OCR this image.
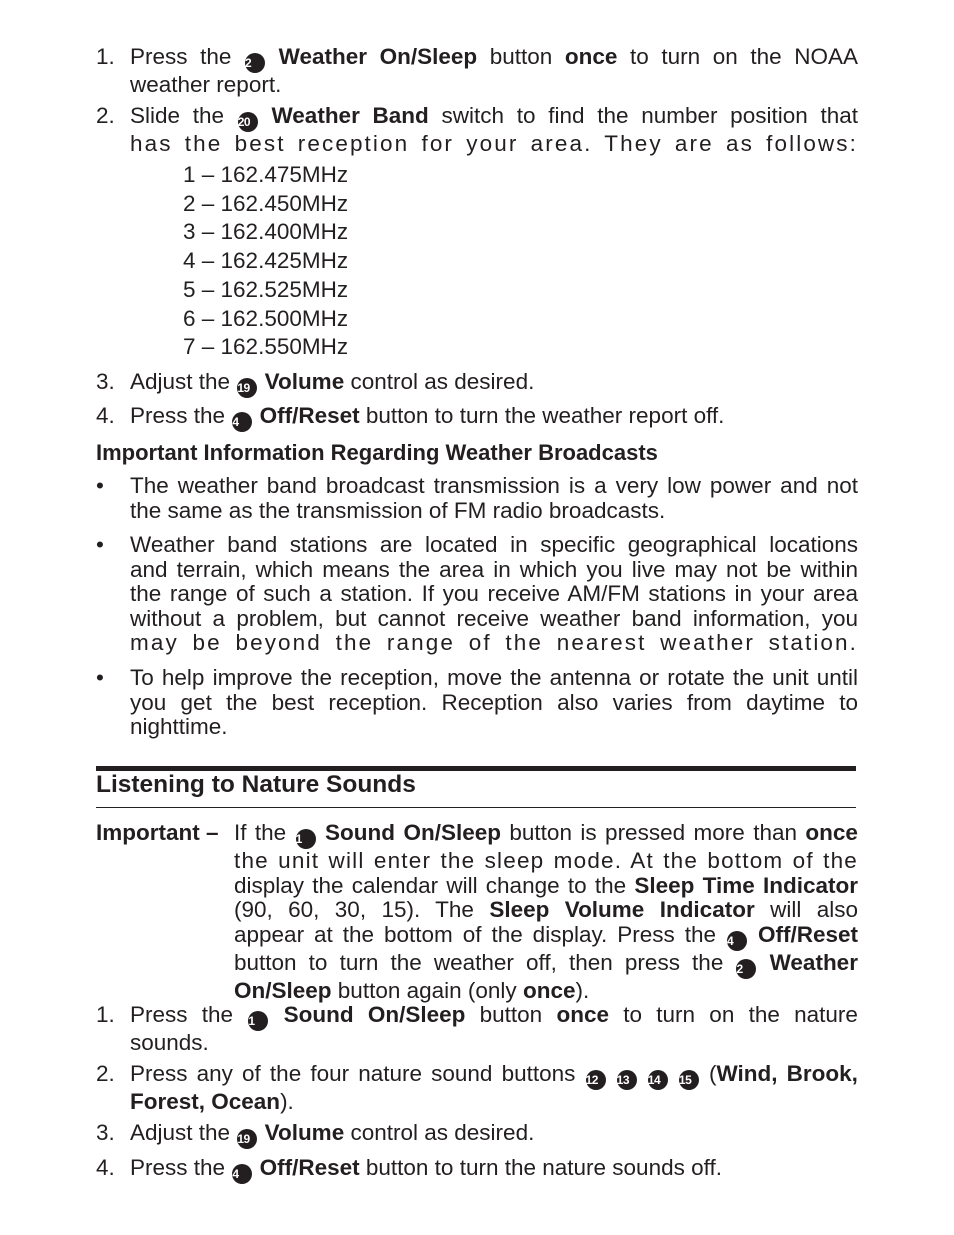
1. Press the 2 Weather On/Sleep button once to turn on the NOAA
weather report.
2. Slide the 20 Weather Band switch to find the number position that
has the best reception for your area. They are as follows:
1 – 162.475MHz
2 – 162.450MHz
3 – 162.400MHz
4 – 162.425MHz
5 – 162.525MHz
6 – 162.500MHz
7 – 162.550MHz
3. Adjust the 19 Volume control as desired.
4. Press the 4 Off/Reset button to turn the weather report off.
Important Information Regarding Weather Broadcasts
• The weather band broadcast transmission is a very low power and not
the same as the transmission of FM radio broadcasts.
• Weather band stations are located in specific geographical locations
and terrain, which means the area in which you live may not be within
the range of such a station. If you receive AM/FM stations in your area
without a problem, but cannot receive weather band information, you
may be beyond the range of the nearest weather station.
• To help improve the reception, move the antenna or rotate the unit until
you get the best reception. Reception also varies from daytime to
nighttime.
Listening to Nature Sounds
Important – If the 1 Sound On/Sleep button is pressed more than once
the unit will enter the sleep mode. At the bottom of the
display the calendar will change to the Sleep Time Indicator
(90, 60, 30, 15). The Sleep Volume Indicator will also
appear at the bottom of the display. Press the 4 Off/Reset
button to turn the weather off, then press the 2 Weather
On/Sleep button again (only once).
1. Press the 1 Sound On/Sleep button once to turn on the nature
sounds.
2. Press any of the four nature sound buttons 12 13 14 15 (Wind, Brook,
Forest, Ocean).
3. Adjust the 19 Volume control as desired.
4. Press the 4 Off/Reset button to turn the nature sounds off.
